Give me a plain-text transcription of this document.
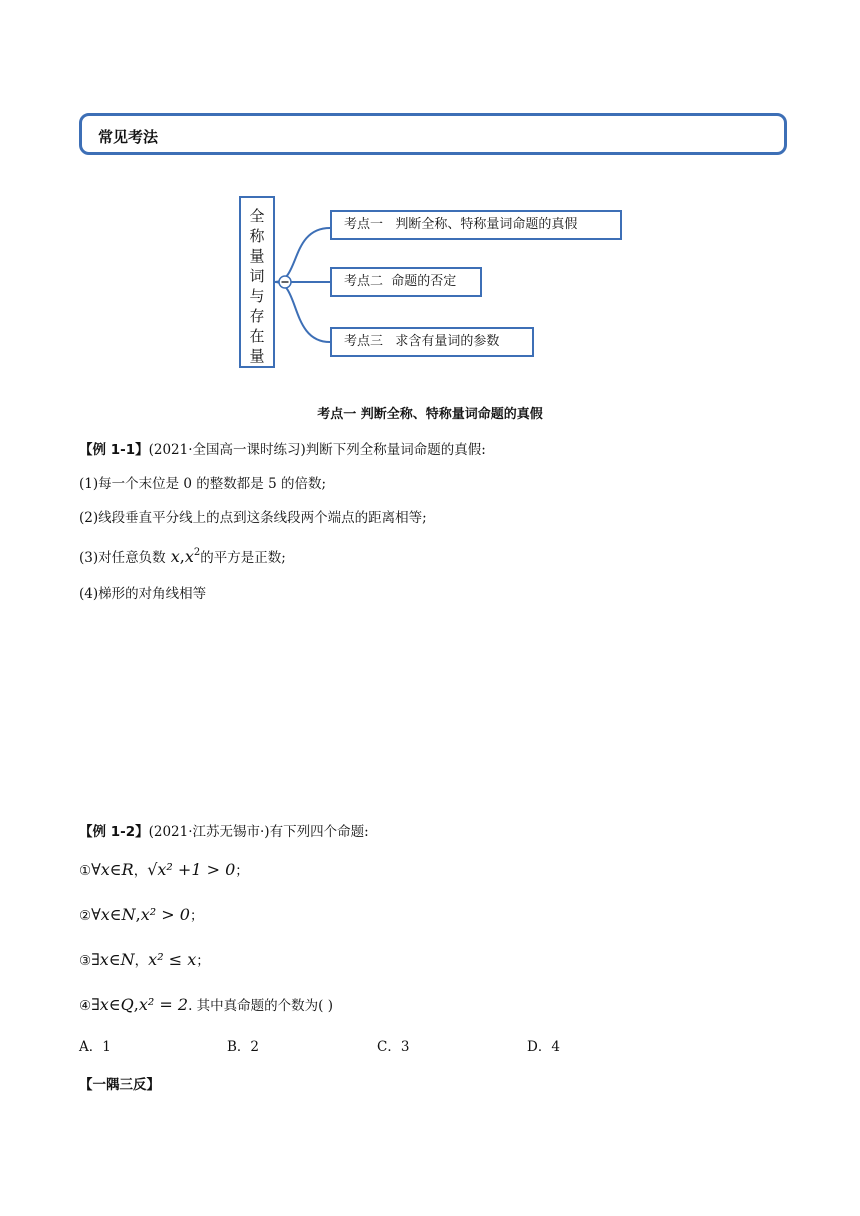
常见考法
全
称
量
词
与
存
在
量
考点一   判断全称、特称量词命题的真假
考点二  命题的否定
考点三   求含有量词的参数
考点一 判断全称、特称量词命题的真假
【例 1-1】(2021·全国高一课时练习)判断下列全称量词命题的真假:
(1)每一个末位是 0 的整数都是 5 的倍数;
(2)线段垂直平分线上的点到这条线段两个端点的距离相等;
(3)对任意负数 $x,x^2$的平方是正数;
(4)梯形的对角线相等
【例 1-2】(2021·江苏无锡市·)有下列四个命题:
①∀x∈R，√x² +1 > 0；
②∀x∈N,x² > 0；
③∃x∈N，x² ≤ x；
④∃x∈Q,x² = 2. 其中真命题的个数为( )
A．1	B．2	C．3	D．4
【一隅三反】
